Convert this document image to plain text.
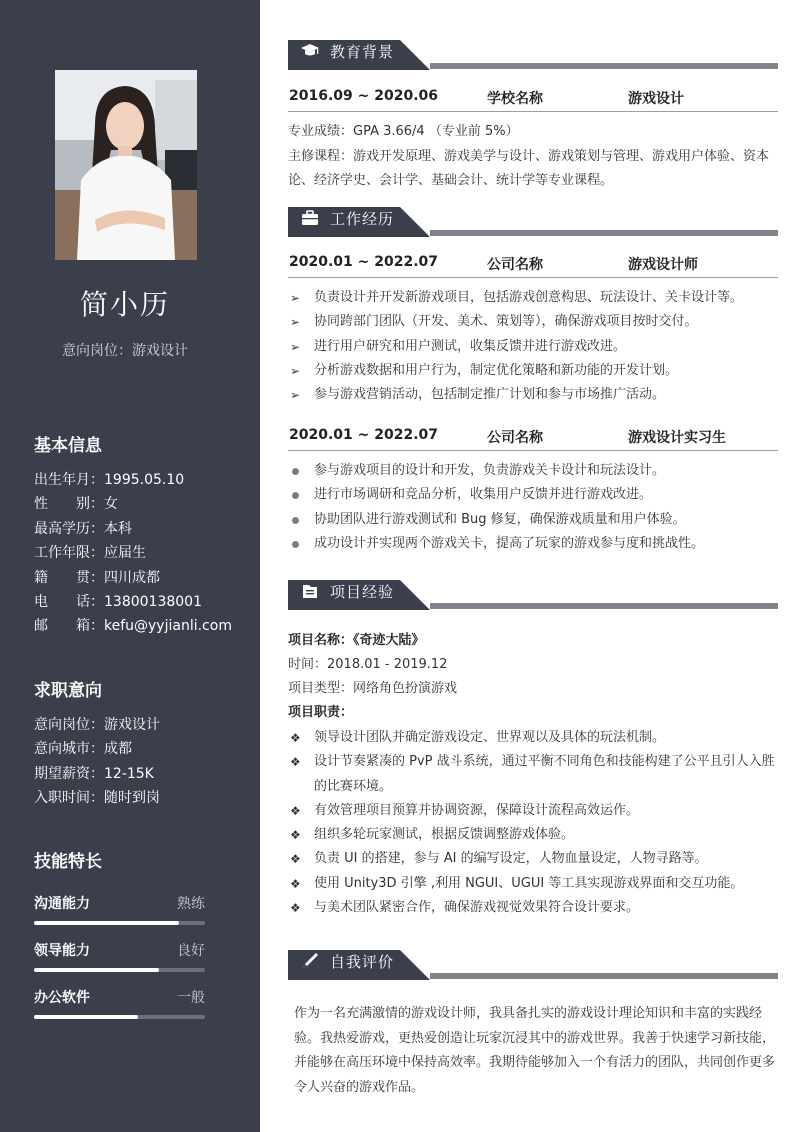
简小历
意向岗位：游戏设计
基本信息
出生年月：1995.05.10
性　　别：女
最高学历：本科
工作年限：应届生
籍　　贯：四川成都
电　　话：13800138001
邮　　箱：kefu@yyjianli.com
求职意向
意向岗位：游戏设计
意向城市：成都
期望薪资：12-15K
入职时间：随时到岗
技能特长
沟通能力	熟练
领导能力	良好
办公软件	一般
教育背景
2016.09 ~ 2020.06	学校名称	游戏设计
专业成绩：GPA 3.66/4 （专业前 5%）
主修课程：游戏开发原理、游戏美学与设计、游戏策划与管理、游戏用户体验、资本论、经济学史、会计学、基础会计、统计学等专业课程。
工作经历
2020.01 ~ 2022.07	公司名称	游戏设计师
➢ 负责设计并开发新游戏项目，包括游戏创意构思、玩法设计、关卡设计等。
➢ 协同跨部门团队（开发、美术、策划等），确保游戏项目按时交付。
➢ 进行用户研究和用户测试，收集反馈并进行游戏改进。
➢ 分析游戏数据和用户行为，制定优化策略和新功能的开发计划。
➢ 参与游戏营销活动，包括制定推广计划和参与市场推广活动。
2020.01 ~ 2022.07	公司名称	游戏设计实习生
参与游戏项目的设计和开发，负责游戏关卡设计和玩法设计。
进行市场调研和竞品分析，收集用户反馈并进行游戏改进。
协助团队进行游戏测试和 Bug 修复，确保游戏质量和用户体验。
成功设计并实现两个游戏关卡，提高了玩家的游戏参与度和挑战性。
项目经验
项目名称：《奇迹大陆》
时间：2018.01 - 2019.12
项目类型：网络角色扮演游戏
项目职责：
❖ 领导设计团队并确定游戏设定、世界观以及具体的玩法机制。
❖ 设计节奏紧凑的 PvP 战斗系统，通过平衡不同角色和技能构建了公平且引人入胜的比赛环境。
❖ 有效管理项目预算并协调资源，保障设计流程高效运作。
❖ 组织多轮玩家测试，根据反馈调整游戏体验。
❖ 负责 UI 的搭建，参与 AI 的编写设定，人物血量设定，人物寻路等。
❖ 使用 Unity3D 引擎 ,利用 NGUI、UGUI 等工具实现游戏界面和交互功能。
❖ 与美术团队紧密合作，确保游戏视觉效果符合设计要求。
自我评价
作为一名充满激情的游戏设计师，我具备扎实的游戏设计理论知识和丰富的实践经验。我热爱游戏，更热爱创造让玩家沉浸其中的游戏世界。我善于快速学习新技能，并能够在高压环境中保持高效率。我期待能够加入一个有活力的团队，共同创作更多令人兴奋的游戏作品。
